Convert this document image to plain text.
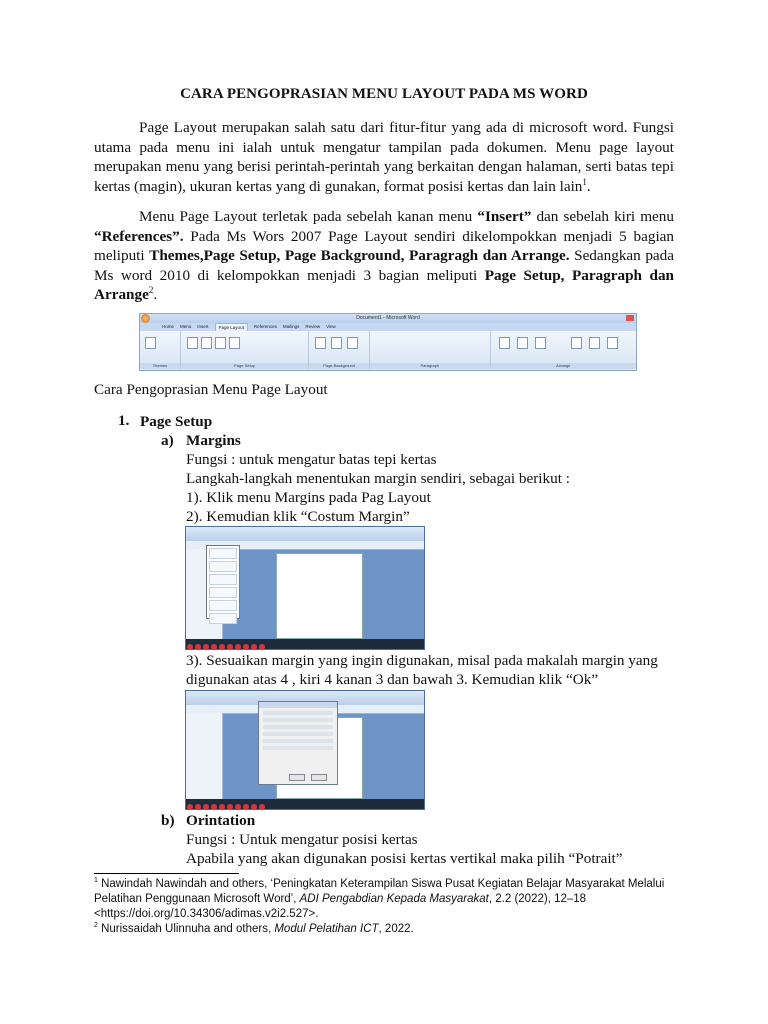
CARA PENGOPRASIAN MENU LAYOUT PADA MS WORD

Page Layout merupakan salah satu dari fitur-fitur yang ada di microsoft word. Fungsi utama pada menu ini ialah untuk mengatur tampilan pada dokumen. Menu page layout merupakan menu yang berisi perintah-perintah yang berkaitan dengan halaman, serti batas tepi kertas (magin), ukuran kertas yang di gunakan, format posisi kertas dan lain lain$^1$.

Menu Page Layout terletak pada sebelah kanan menu “Insert” dan sebelah kiri menu “References”. Pada Ms Wors 2007 Page Layout sendiri dikelompokkan menjadi 5 bagian meliputi Themes,Page Setup, Page Background, Paragragh dan Arrange. Sedangkan pada Ms word 2010 di kelompokkan menjadi 3 bagian meliputi Page Setup, Paragraph dan Arrange$^2$.

Document1 - Microsoft Word
Home Menu Insert	Page Layout	References Mailings Review View
Themes	Page Setup	Page Background	Paragraph	Arrange
Cara Pengoprasian Menu Page Layout
1. Page Setup
a) Margins
Fungsi : untuk mengatur batas tepi kertas
Langkah-langkah menentukan margin sendiri, sebagai berikut :
1). Klik menu Margins pada Pag Layout
2). Kemudian klik “Costum Margin”
3). Sesuaikan margin yang ingin digunakan, misal pada makalah margin yang digunakan atas 4 , kiri 4 kanan 3 dan bawah 3. Kemudian klik “Ok”
b) Orintation
Fungsi : Untuk mengatur posisi kertas
Apabila yang akan digunakan posisi kertas vertikal maka pilih “Potrait”
$^1$ Nawindah Nawindah and others, ‘Peningkatan Keterampilan Siswa Pusat Kegiatan Belajar Masyarakat Melalui Pelatihan Penggunaan Microsoft Word’, ADI Pengabdian Kepada Masyarakat, 2.2 (2022), 12–18 <https://doi.org/10.34306/adimas.v2i2.527>.
$^2$ Nurissaidah Ulinnuha and others, Modul Pelatihan ICT, 2022.
